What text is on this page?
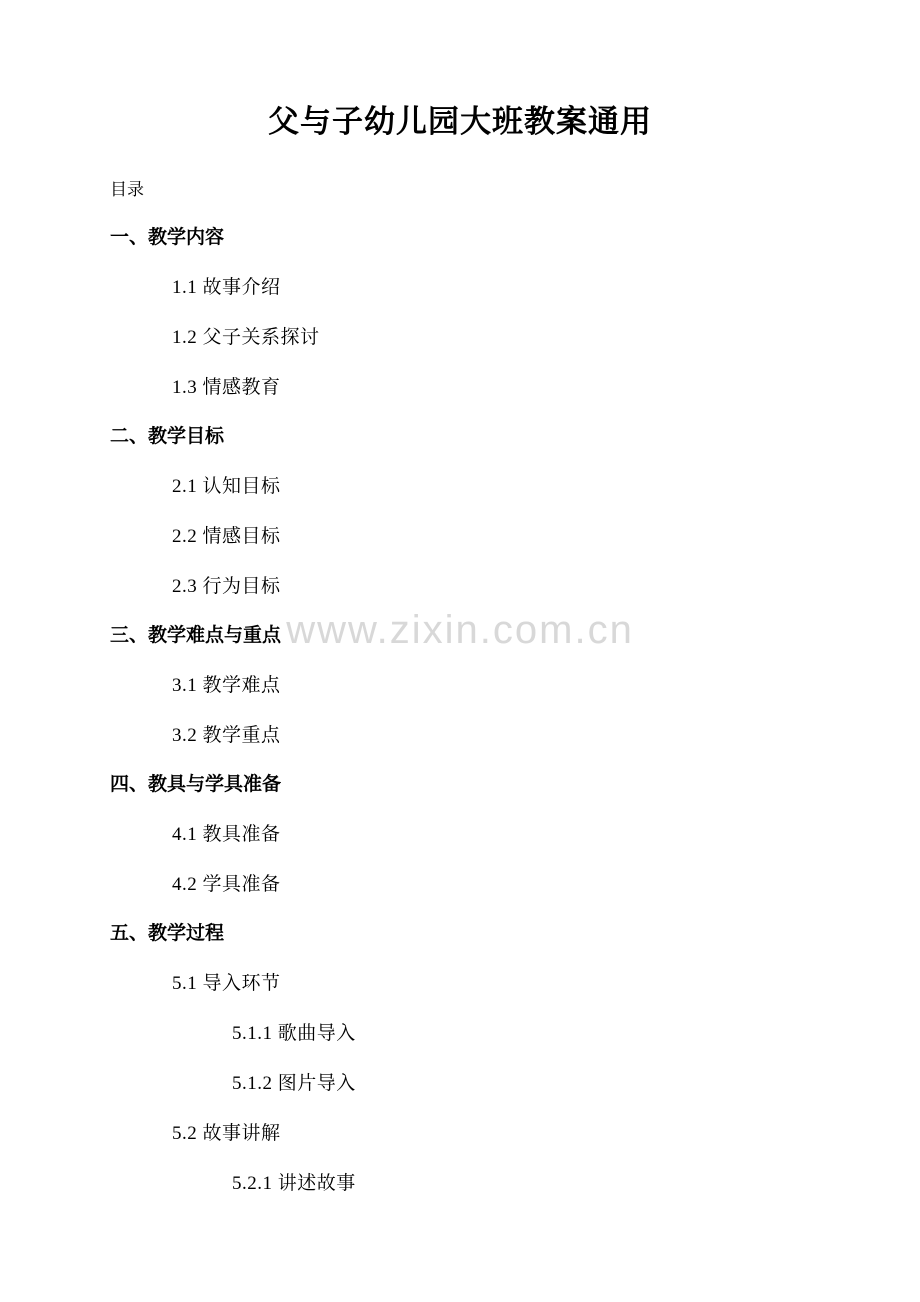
父与子幼儿园大班教案通用
目录
一、教学内容
1.1 故事介绍
1.2 父子关系探讨
1.3 情感教育
二、教学目标
2.1 认知目标
2.2 情感目标
2.3 行为目标
三、教学难点与重点
3.1 教学难点
3.2 教学重点
四、教具与学具准备
4.1 教具准备
4.2 学具准备
五、教学过程
5.1 导入环节
5.1.1 歌曲导入
5.1.2 图片导入
5.2 故事讲解
5.2.1 讲述故事
www.zixin.com.cn
